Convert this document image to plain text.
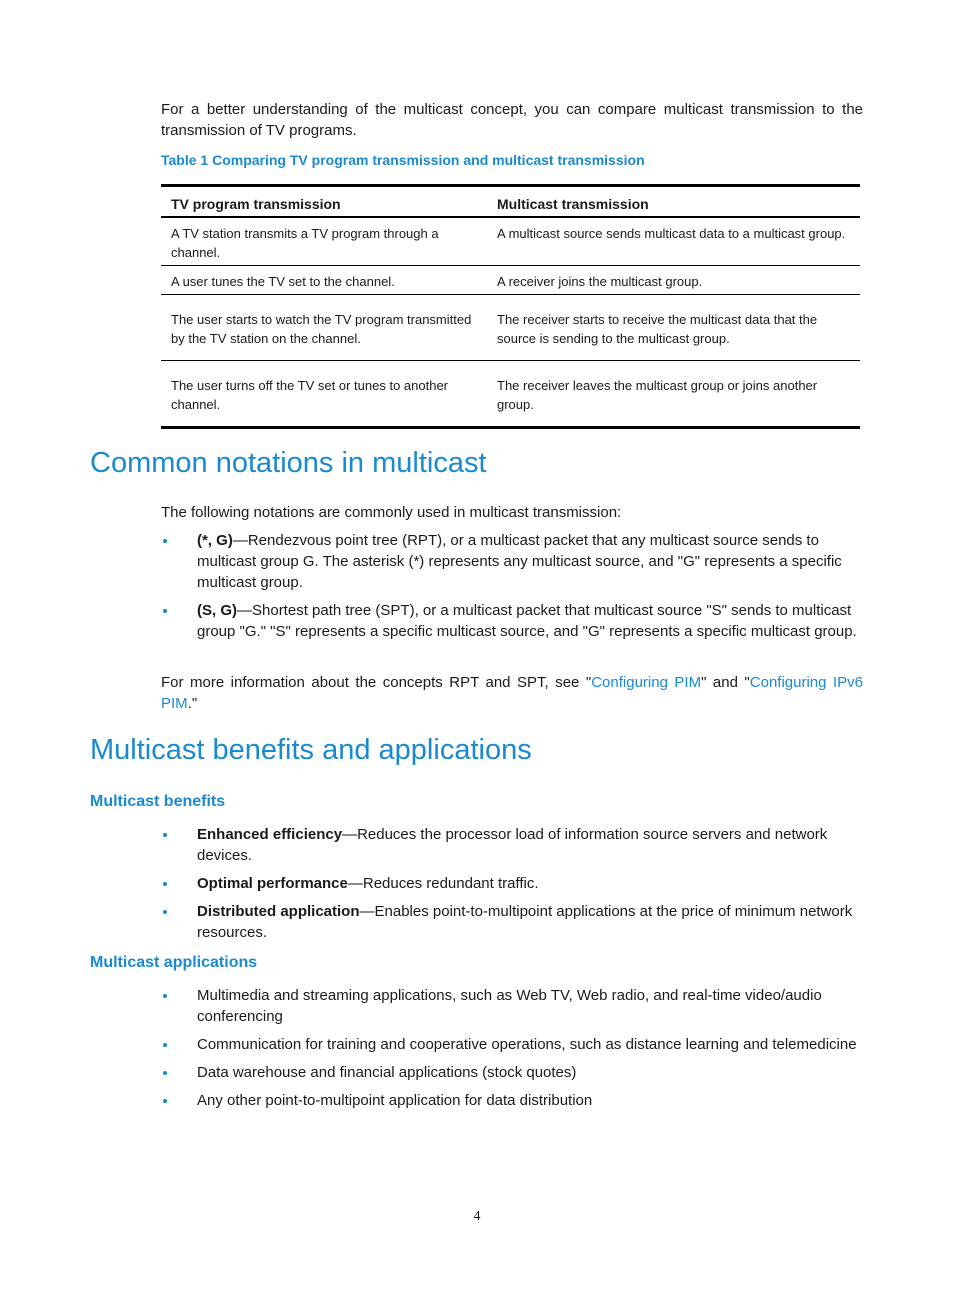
For a better understanding of the multicast concept, you can compare multicast transmission to the transmission of TV programs.

Table 1 Comparing TV program transmission and multicast transmission

TV program transmission	Multicast transmission
A TV station transmits a TV program through a channel.	A multicast source sends multicast data to a multicast group.
A user tunes the TV set to the channel.	A receiver joins the multicast group.
The user starts to watch the TV program transmitted by the TV station on the channel.	The receiver starts to receive the multicast data that the source is sending to the multicast group.
The user turns off the TV set or tunes to another channel.	The receiver leaves the multicast group or joins another group.
Common notations in multicast

The following notations are commonly used in multicast transmission:

(*, G)—Rendezvous point tree (RPT), or a multicast packet that any multicast source sends to multicast group G. The asterisk (*) represents any multicast source, and "G" represents a specific multicast group.
(S, G)—Shortest path tree (SPT), or a multicast packet that multicast source "S" sends to multicast group "G." "S" represents a specific multicast source, and "G" represents a specific multicast group.

For more information about the concepts RPT and SPT, see "Configuring PIM" and "Configuring IPv6 PIM."

Multicast benefits and applications
Multicast benefits
Enhanced efficiency—Reduces the processor load of information source servers and network devices.
Optimal performance—Reduces redundant traffic.
Distributed application—Enables point-to-multipoint applications at the price of minimum network resources.
Multicast applications
Multimedia and streaming applications, such as Web TV, Web radio, and real-time video/audio conferencing
Communication for training and cooperative operations, such as distance learning and telemedicine
Data warehouse and financial applications (stock quotes)
Any other point-to-multipoint application for data distribution
4
